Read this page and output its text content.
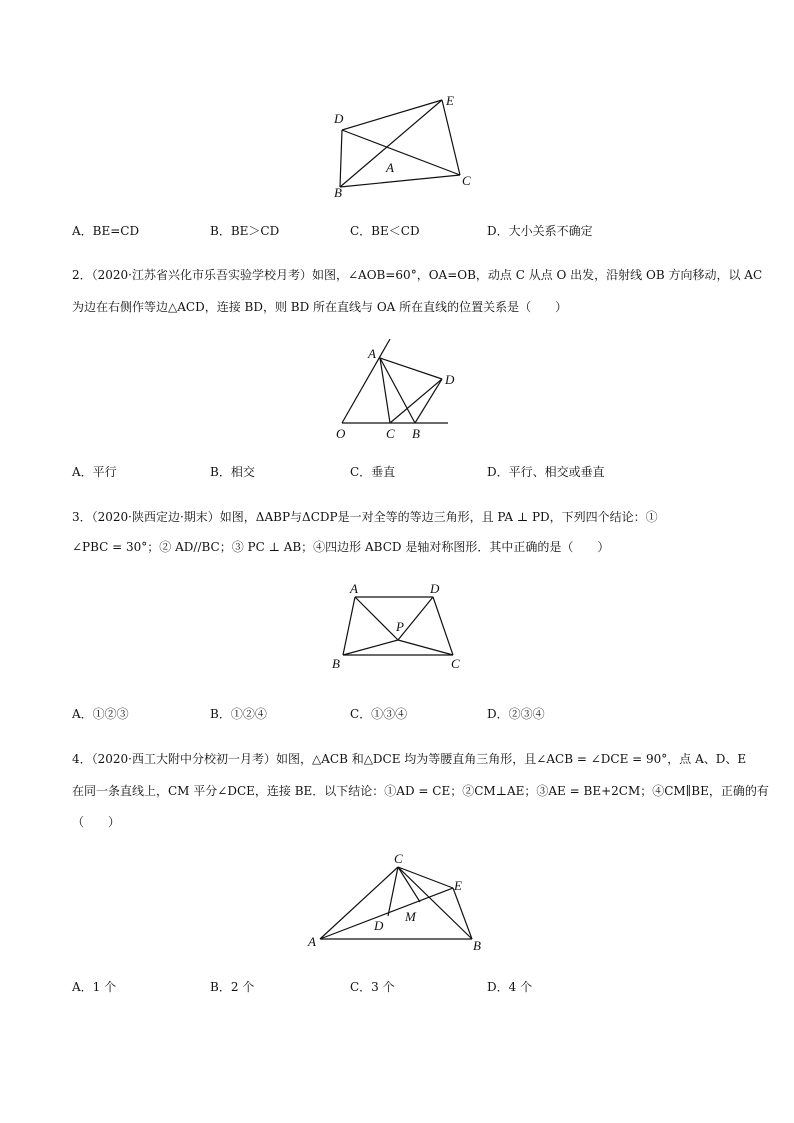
D
E
A
B
C
A．BE=CD	B．BE＞CD	C．BE＜CD	D．大小关系不确定
2．（2020·江苏省兴化市乐吾实验学校月考）如图，∠AOB=60°，OA=OB，动点 C 从点 O 出发，沿射线 OB 方向移动，以 AC
为边在右侧作等边△ACD，连接 BD，则 BD 所在直线与 OA 所在直线的位置关系是（　　）
A
D
O	C B
A．平行	B．相交	C．垂直	D．平行、相交或垂直
3．（2020·陕西定边·期末）如图，ΔABP与ΔCDP是一对全等的等边三角形，且 PA ⊥ PD，下列四个结论：①
∠PBC = 30°；② AD//BC；③ PC ⊥ AB；④四边形 ABCD 是轴对称图形．其中正确的是（　　）
A	D
P
B	C
A．①②③	B．①②④	C．①③④	D．②③④
4．（2020·西工大附中分校初一月考）如图，△ACB 和△DCE 均为等腰直角三角形，且∠ACB = ∠DCE = 90°，点 A、D、E
在同一条直线上，CM 平分∠DCE，连接 BE．以下结论：①AD = CE；②CM⊥AE；③AE = BE+2CM；④CM∥BE，正确的有
（　　）
C
E
M
D
A	B
A．1 个	B．2 个	C．3 个	D．4 个
